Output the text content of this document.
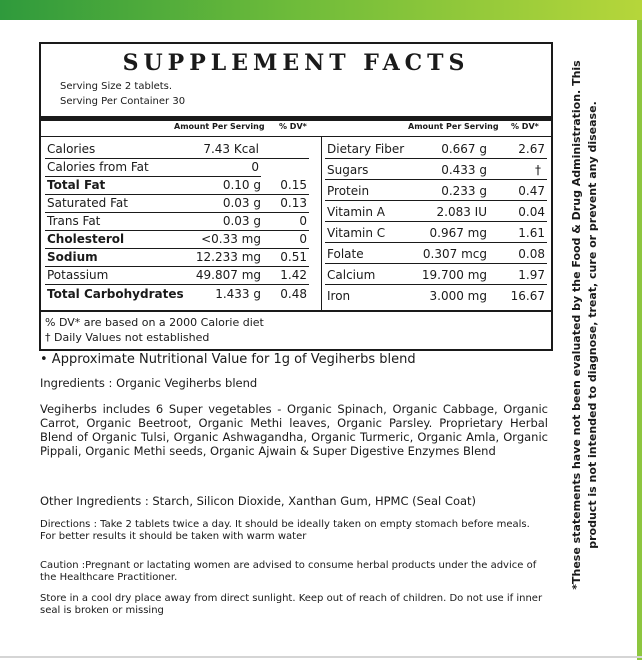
SUPPLEMENT FACTS
Serving Size 2 tablets.
Serving Per Container 30
Amount Per Serving % DV*	Amount Per Serving % DV*
Calories	7.43 Kcal
Calories from Fat	0
Total Fat	0.10 g 0.15
Saturated Fat	0.03 g 0.13
Trans Fat	0.03 g	0
Cholesterol	<0.33 mg	0
Sodium	12.233 mg 0.51
Potassium	49.807 mg 1.42
Total Carbohydrates	1.433 g 0.48
Dietary Fiber	0.667 g	2.67
Sugars	0.433 g	†
Protein	0.233 g	0.47
Vitamin A	2.083 IU	0.04
Vitamin C	0.967 mg	1.61
Folate	0.307 mcg	0.08
Calcium	19.700 mg	1.97
Iron	3.000 mg 16.67
% DV* are based on a 2000 Calorie diet
† Daily Values not established
• Approximate Nutritional Value for 1g of Vegiherbs blend
Ingredients : Organic Vegiherbs blend
Vegiherbs includes 6 Super vegetables - Organic Spinach, Organic Cabbage, Organic Carrot, Organic Beetroot, Organic Methi leaves, Organic Parsley. Proprietary Herbal Blend of Organic Tulsi, Organic Ashwagandha, Organic Turmeric, Organic Amla, Organic Pippali, Organic Methi seeds, Organic Ajwain & Super Digestive Enzymes Blend
Other Ingredients : Starch, Silicon Dioxide, Xanthan Gum, HPMC (Seal Coat)
Directions : Take 2 tablets twice a day. It should be ideally taken on empty stomach before meals. For better results it should be taken with warm water
Caution :Pregnant or lactating women are advised to consume herbal products under the advice of the Healthcare Practitioner.
Store in a cool dry place away from direct sunlight. Keep out of reach of children. Do not use if inner seal is broken or missing
*These statements have not been evaluated by the Food & Drug Administration. This product is not intended to diagnose, treat, cure or prevent any disease.
